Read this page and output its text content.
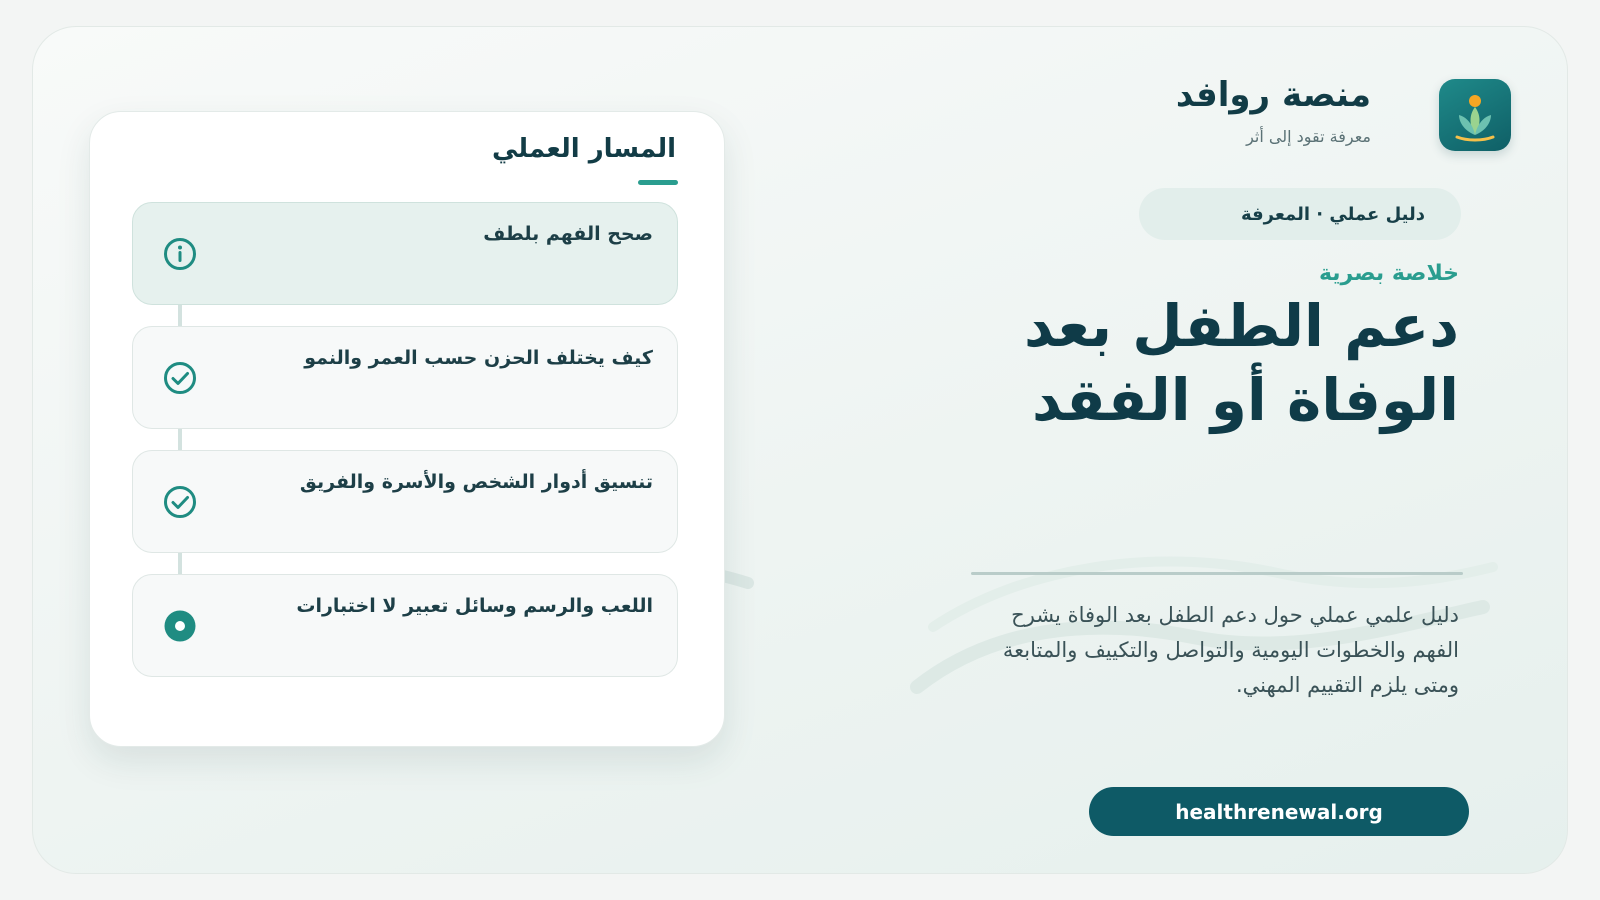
منصة روافد
معرفة تقود إلى أثر
دليل عملي · المعرفة
خلاصة بصرية
دعم الطفل بعد الوفاة أو الفقد

دليل علمي عملي حول دعم الطفل بعد الوفاة يشرح الفهم والخطوات اليومية والتواصل والتكييف والمتابعة ومتى يلزم التقييم المهني.

healthrenewal.org
المسار العملي
صحح الفهم بلطف
كيف يختلف الحزن حسب العمر والنمو
تنسيق أدوار الشخص والأسرة والفريق
اللعب والرسم وسائل تعبير لا اختبارات
